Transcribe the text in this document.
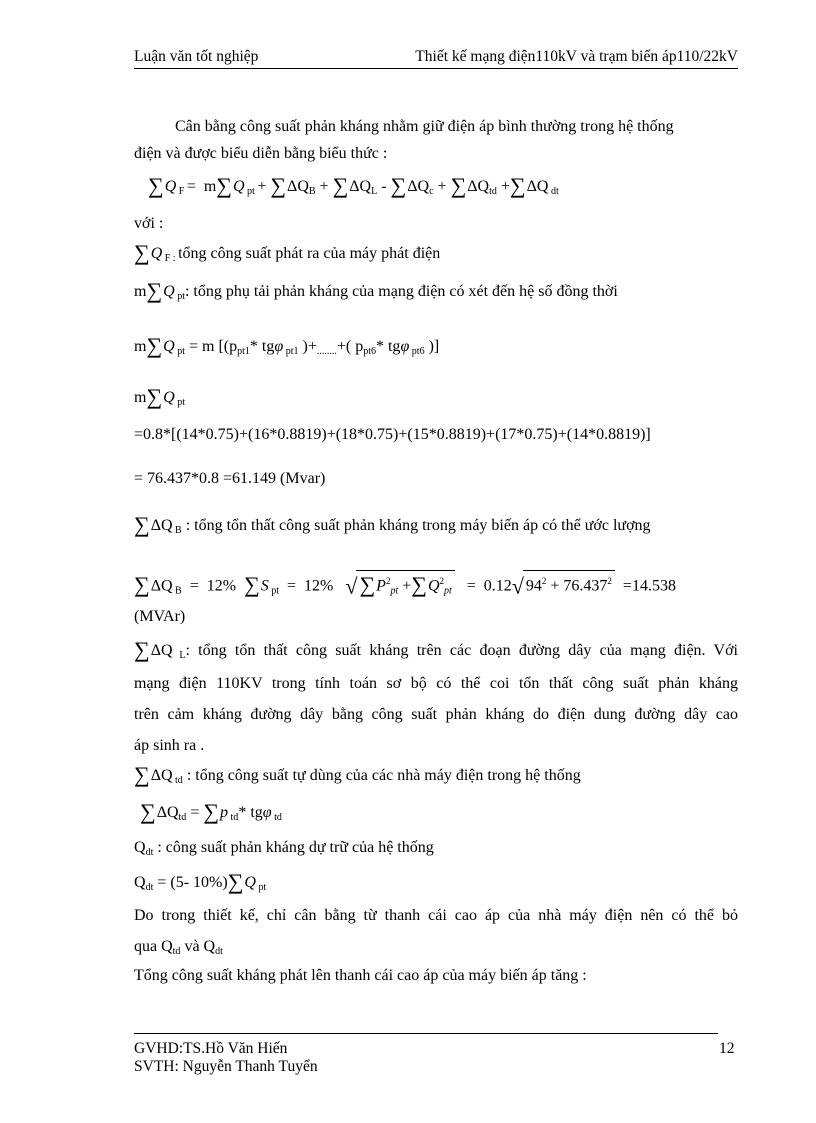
Luận văn tốt nghiệp	Thiết kế mạng điện110kV và trạm biến áp110/22kV
Cân bằng công suất phản kháng nhằm giữ điện áp bình thường trong hệ thống
điện và được biểu diễn bằng biểu thức :
∑Q $_F$ =  m∑Q $_{pt} + \sum\Delta Q_B + \sum\Delta Q_L - \sum\Delta Q_c + \sum\Delta Q_{td} +\sum\Delta Q$ $_{dt}$
với :
∑Q $_{F :}$ tổng công suất phát ra của máy phát điện
m∑Q $_{pt}$: tổng phụ tải phản kháng của mạng điện có xét đến hệ số đồng thời
m∑Q $_{pt}$ = m [($p_{pt1}*$ tgφ $_{pt1}$ )$+_{........}+$( $p_{pt6}*$ tgφ $_{pt6}$ )]
m∑Q $_{pt}$
=0.8*[(14*0.75)+(16*0.8819)+(18*0.75)+(15*0.8819)+(17*0.75)+(14*0.8819)]
= 76.437*0.8 =61.149 (Mvar)
∑ΔQ $_B$ : tổng tổn thất công suất phản kháng trong máy biến áp có thể ước lượng
∑ΔQ $_B$  =  12%  ∑S $_{pt}$  =  12%   $√\sum P^2_{pt} +\sum Q^2_{pt} = 0.12√$ $94^2 + 76.437^2 =14.538$
(MVAr)
∑ΔQ $_L$: tổng tổn thất công suất kháng trên các đoạn đường dây của mạng điện. Với
mạng điện 110KV trong tính toán sơ bộ có thể coi tổn thất công suất phản kháng
trên cảm kháng đường dây bằng công suất phản kháng do điện dung đường dây cao
áp sinh ra .
∑ΔQ $_{td}$ : tổng công suất tự dùng của các nhà máy điện trong hệ thống
$\sum\Delta Q_{td} = \sum p$ $_{td}$* tgφ $_{td}$
$Q_{dt}$ : công suất phản kháng dự trữ của hệ thống
$Q_{dt} = (5-$ 10%)∑Q $_{pt}$
Do trong thiết kế, chỉ cân bằng từ thanh cái cao áp của nhà máy điện nên có thể bỏ
qua $Q_{td}$ và $Q_{dt}$
Tổng công suất kháng phát lên thanh cái cao áp của máy biến áp tăng :
GVHD:TS.Hồ Văn Hiến
SVTH: Nguyễn Thanh Tuyển
12
